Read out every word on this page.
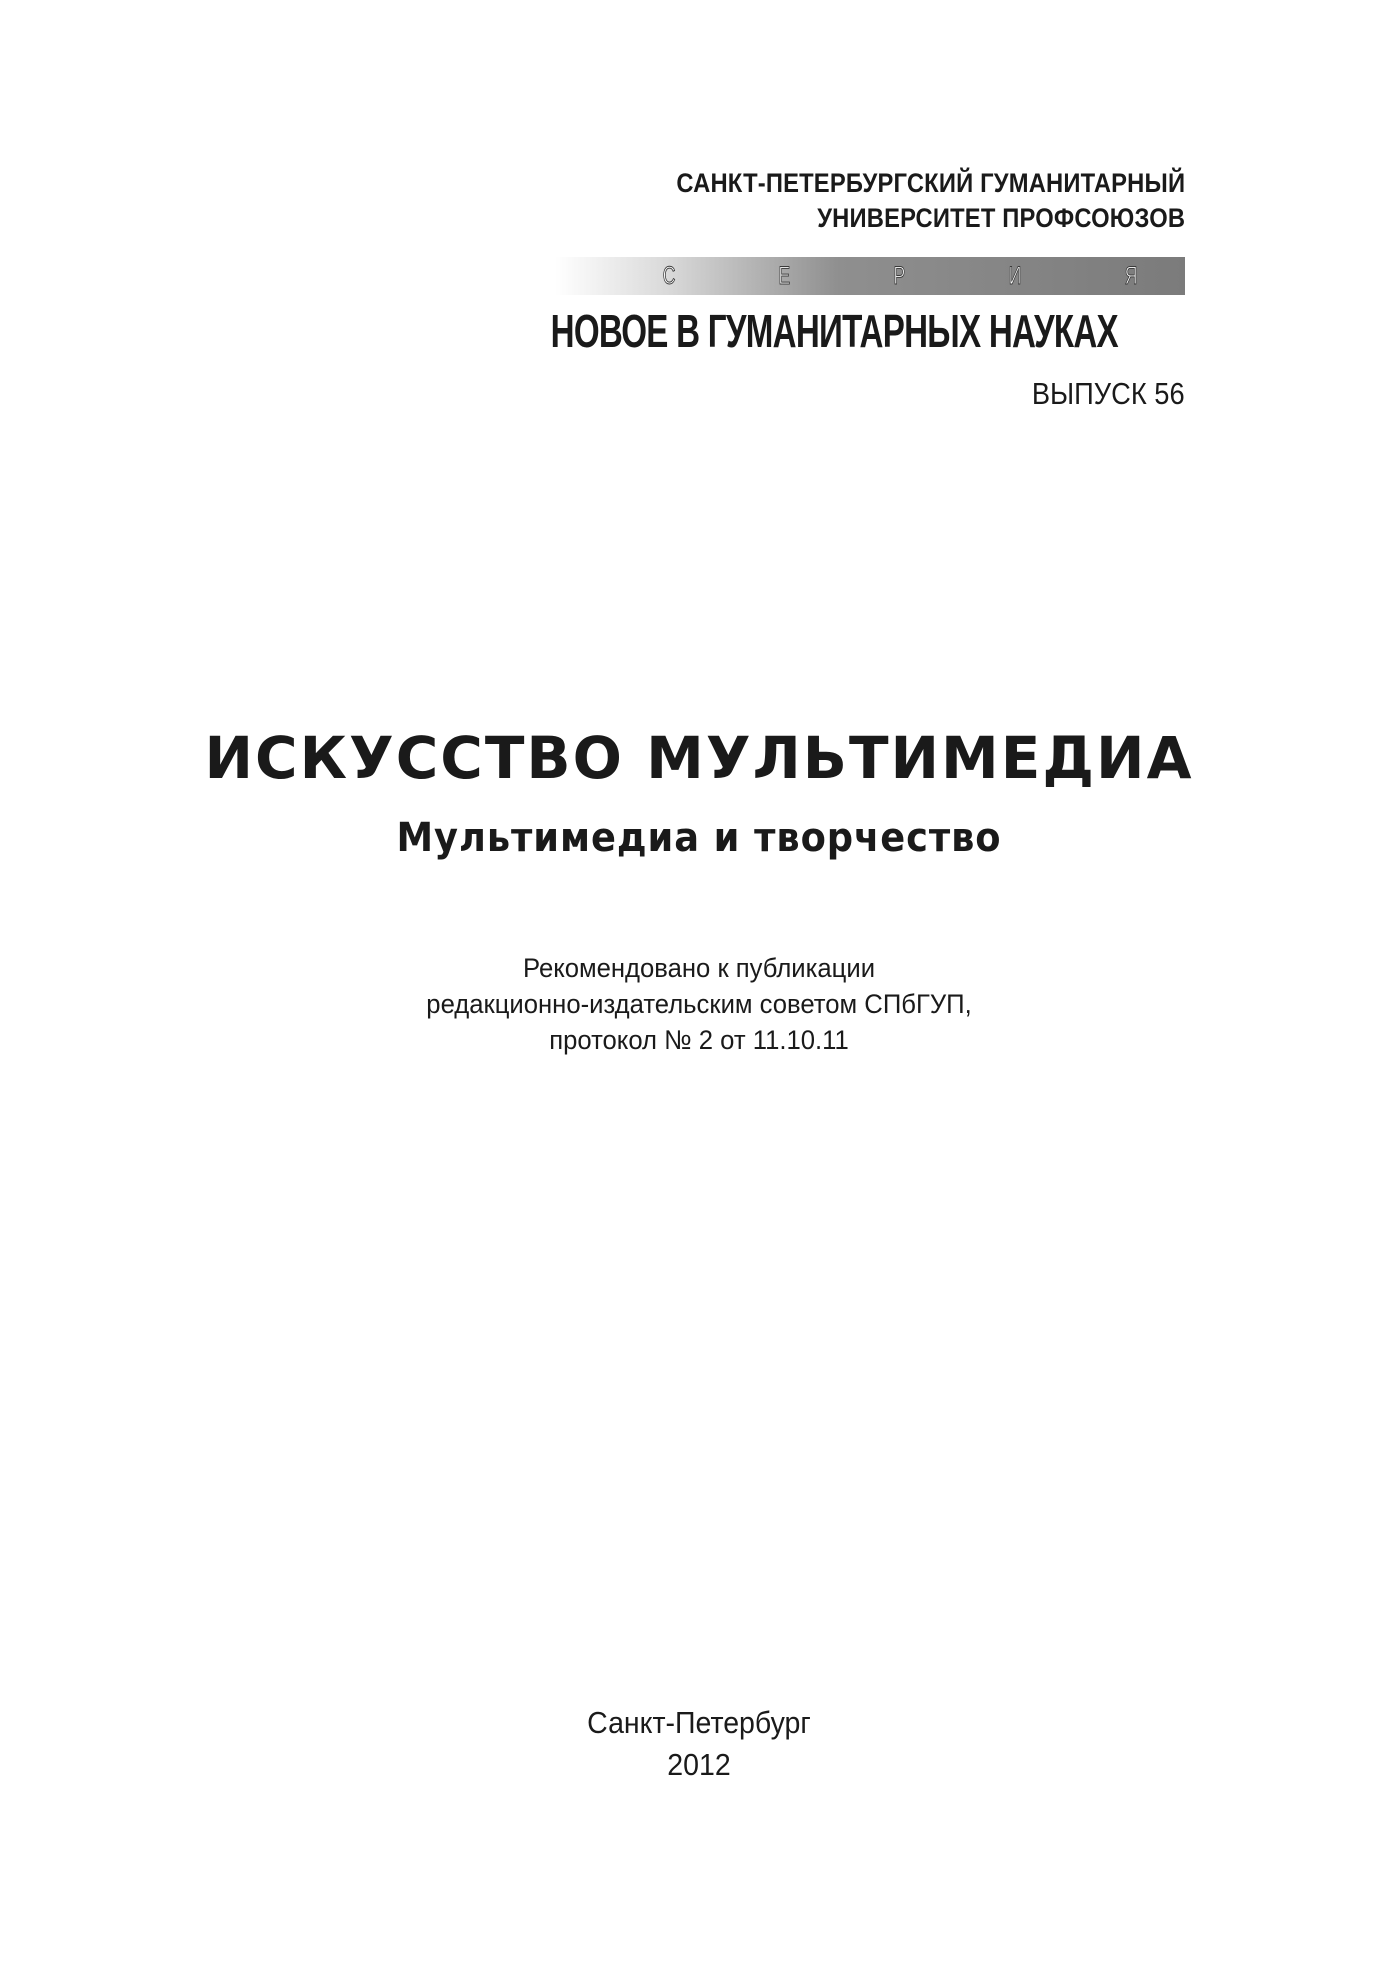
САНКТ-ПЕТЕРБУРГСКИЙ ГУМАНИТАРНЫЙ
УНИВЕРСИТЕТ ПРОФСОЮЗОВ
С	Е	Р	И	Я
НОВОЕ В ГУМАНИТАРНЫХ НАУКАХ
ВЫПУСК 56
ИСКУССТВО МУЛЬТИМЕДИА
Мультимедиа и творчество
Рекомендовано к публикации
редакционно-издательским советом СПбГУП,
протокол № 2 от 11.10.11
Санкт-Петербург
2012
